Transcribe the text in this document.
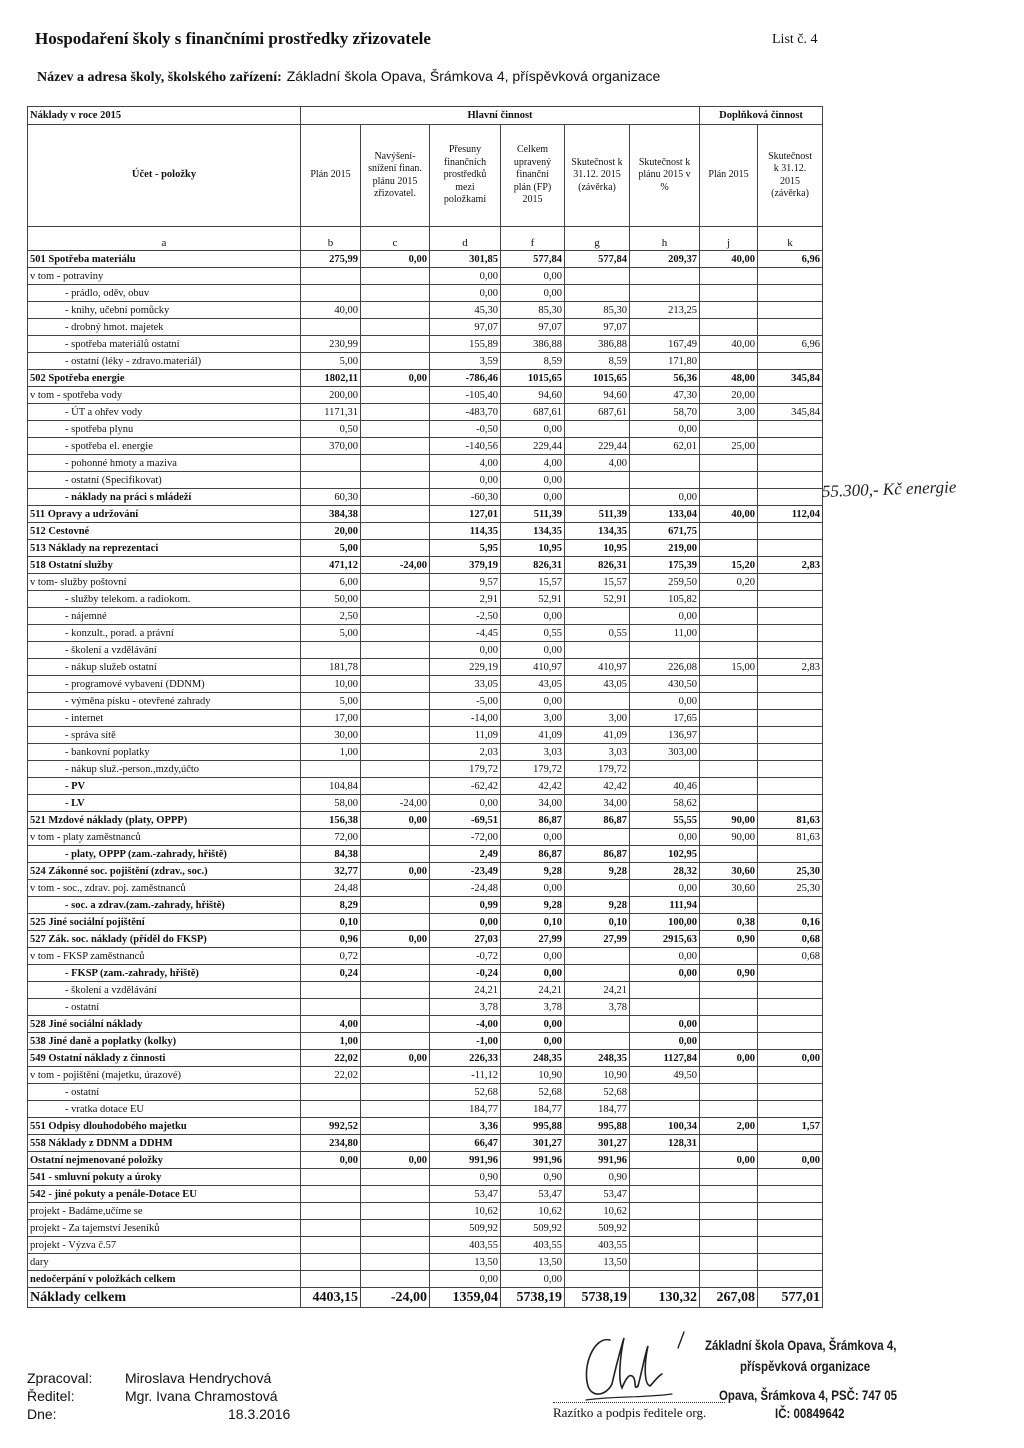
Hospodaření školy s finančními prostředky zřizovatele	List č. 4
Název a adresa školy, školského zařízení: Základní škola Opava, Šrámkova 4, příspěvková organizace
Náklady v roce 2015	Hlavní činnost						Doplňková činnost	
Účet - položky	Plán 2015	Navýšení-
snížení finan.
plánu 2015
zřizovatel.	Přesuny
finančních
prostředků
mezi
položkami	Celkem
upravený
finanční
plán (FP)
2015	Skutečnost k
31.12. 2015
(závěrka)	Skutečnost k
plánu 2015 v
%	Plán 2015	Skutečnost
k 31.12.
2015
(závěrka)
a	b	c	d	f	g	h	j	k
501 Spotřeba materiálu	275,99	0,00	301,85	577,84	577,84	209,37	40,00	6,96
v tom - potraviny			0,00	0,00				
- prádlo, oděv, obuv			0,00	0,00				
- knihy, učební pomůcky	40,00		45,30	85,30	85,30	213,25		
- drobný hmot. majetek			97,07	97,07	97,07			
- spotřeba materiálů ostatní	230,99		155,89	386,88	386,88	167,49	40,00	6,96
- ostatní (léky - zdravo.materiál)	5,00		3,59	8,59	8,59	171,80		
502 Spotřeba energie	1802,11	0,00	-786,46	1015,65	1015,65	56,36	48,00	345,84
v tom - spotřeba vody	200,00		-105,40	94,60	94,60	47,30	20,00	
- ÚT a ohřev vody	1171,31		-483,70	687,61	687,61	58,70	3,00	345,84
- spotřeba plynu	0,50		-0,50	0,00		0,00		
- spotřeba el. energie	370,00		-140,56	229,44	229,44	62,01	25,00	
- pohonné hmoty a maziva			4,00	4,00	4,00			
- ostatní (Specifikovat)			0,00	0,00				
- náklady na práci s mládeží	60,30		-60,30	0,00		0,00		
511 Opravy a udržování	384,38		127,01	511,39	511,39	133,04	40,00	112,04
512 Cestovné	20,00		114,35	134,35	134,35	671,75		
513 Náklady na reprezentaci	5,00		5,95	10,95	10,95	219,00		
518 Ostatní služby	471,12	-24,00	379,19	826,31	826,31	175,39	15,20	2,83
v tom- služby poštovní	6,00		9,57	15,57	15,57	259,50	0,20	
- služby telekom. a radiokom.	50,00		2,91	52,91	52,91	105,82		
- nájemné	2,50		-2,50	0,00		0,00		
- konzult., porad. a právní	5,00		-4,45	0,55	0,55	11,00		
- školení a vzdělávání			0,00	0,00				
- nákup služeb ostatní	181,78		229,19	410,97	410,97	226,08	15,00	2,83
- programové vybavení (DDNM)	10,00		33,05	43,05	43,05	430,50		
- výměna písku - otevřené zahrady	5,00		-5,00	0,00		0,00		
- internet	17,00		-14,00	3,00	3,00	17,65		
- správa sítě	30,00		11,09	41,09	41,09	136,97		
- bankovní poplatky	1,00		2,03	3,03	3,03	303,00		
- nákup služ.-person.,mzdy,účto			179,72	179,72	179,72			
- PV	104,84		-62,42	42,42	42,42	40,46		
- LV	58,00	-24,00	0,00	34,00	34,00	58,62		
521 Mzdové náklady (platy, OPPP)	156,38	0,00	-69,51	86,87	86,87	55,55	90,00	81,63
v tom - platy zaměstnanců	72,00		-72,00	0,00		0,00	90,00	81,63
- platy, OPPP (zam.-zahrady, hřiště)	84,38		2,49	86,87	86,87	102,95		
524 Zákonné soc. pojištění (zdrav., soc.)	32,77	0,00	-23,49	9,28	9,28	28,32	30,60	25,30
v tom - soc., zdrav. poj. zaměstnanců	24,48		-24,48	0,00		0,00	30,60	25,30
- soc. a zdrav.(zam.-zahrady, hřiště)	8,29		0,99	9,28	9,28	111,94		
525 Jiné sociální pojištění	0,10		0,00	0,10	0,10	100,00	0,38	0,16
527 Zák. soc. náklady (příděl do FKSP)	0,96	0,00	27,03	27,99	27,99	2915,63	0,90	0,68
v tom - FKSP zaměstnanců	0,72		-0,72	0,00		0,00		0,68
- FKSP (zam.-zahrady, hřiště)	0,24		-0,24	0,00		0,00	0,90	
- školení a vzdělávání			24,21	24,21	24,21			
- ostatní			3,78	3,78	3,78			
528 Jiné sociální náklady	4,00		-4,00	0,00		0,00		
538 Jiné daně a poplatky (kolky)	1,00		-1,00	0,00		0,00		
549 Ostatní náklady z činnosti	22,02	0,00	226,33	248,35	248,35	1127,84	0,00	0,00
v tom - pojištění (majetku, úrazové)	22,02		-11,12	10,90	10,90	49,50		
- ostatní			52,68	52,68	52,68			
- vratka dotace EU			184,77	184,77	184,77			
551 Odpisy dlouhodobého majetku	992,52		3,36	995,88	995,88	100,34	2,00	1,57
558 Náklady z DDNM a DDHM	234,80		66,47	301,27	301,27	128,31		
Ostatní nejmenované položky	0,00	0,00	991,96	991,96	991,96		0,00	0,00
541 - smluvní pokuty a úroky			0,90	0,90	0,90			
542 - jiné pokuty a penále-Dotace EU			53,47	53,47	53,47			
projekt - Badáme,učíme se			10,62	10,62	10,62			
projekt - Za tajemství Jeseníků			509,92	509,92	509,92			
projekt - Výzva č.57			403,55	403,55	403,55			
dary			13,50	13,50	13,50			
nedočerpání v položkách celkem			0,00	0,00				
Náklady celkem	4403,15	-24,00	1359,04	5738,19	5738,19	130,32	267,08	577,01
55.300,- Kč energie
Zpracoval: Miroslava Hendrychová
Ředitel:	Mgr. Ivana Chramostová
Dne:	18.3.2016	Razítko a podpis ředitele org.
Základní škola Opava, Šrámkova 4,
příspěvková organizace
Opava, Šrámkova 4, PSČ: 747 05
IČ: 00849642
